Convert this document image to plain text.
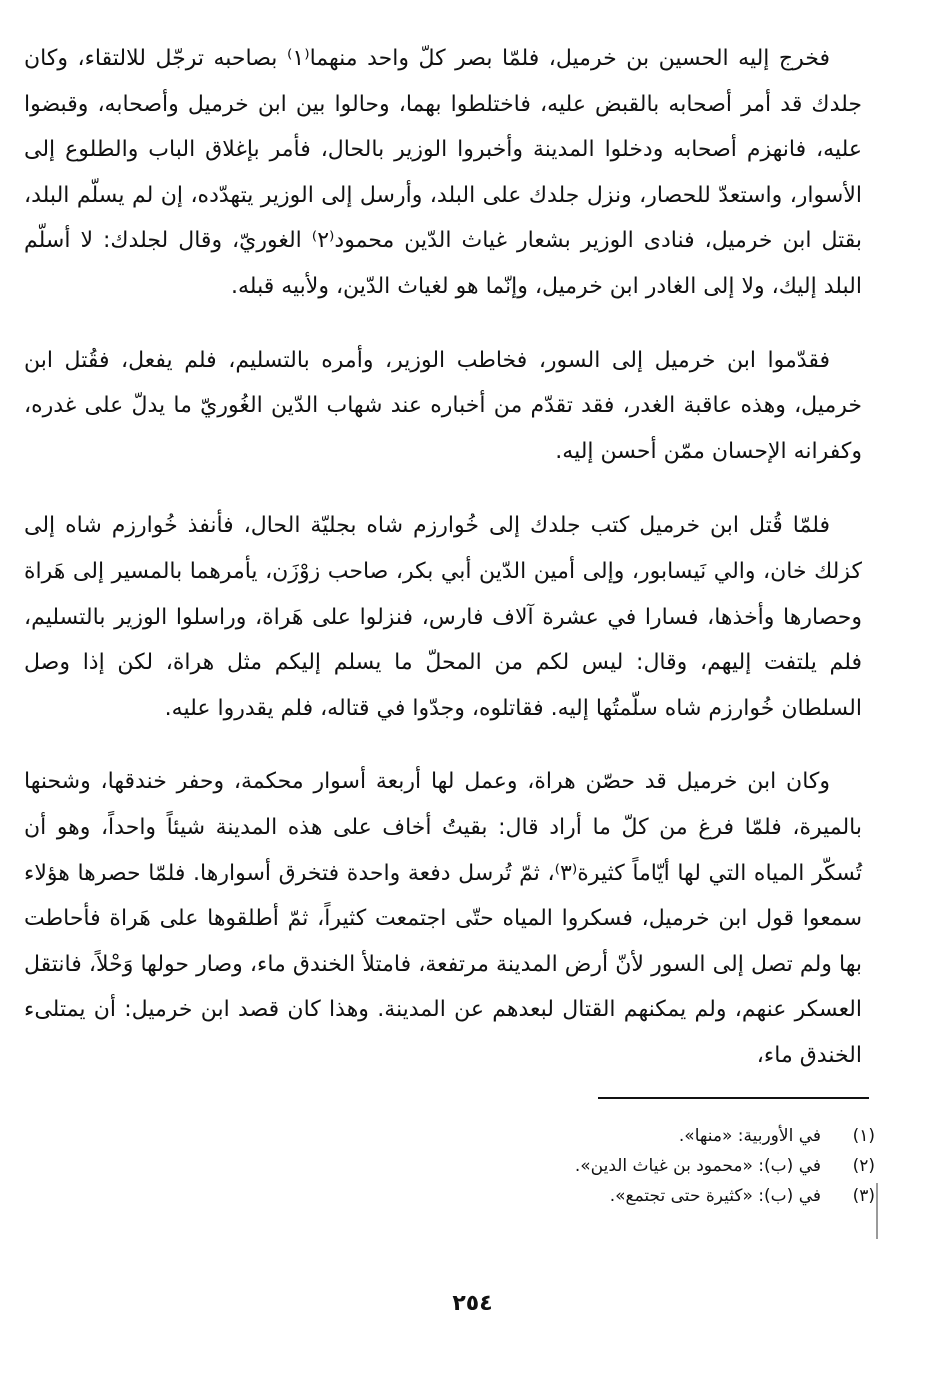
فخرج إليه الحسين بن خرميل، فلمّا بصر كلّ واحد منهما⁽١⁾ بصاحبه ترجّل للالتقاء، وكان جلدك قد أمر أصحابه بالقبض عليه، فاختلطوا بهما، وحالوا بين ابن خرميل وأصحابه، وقبضوا عليه، فانهزم أصحابه ودخلوا المدينة وأخبروا الوزير بالحال، فأمر بإغلاق الباب والطلوع إلى الأسوار، واستعدّ للحصار، ونزل جلدك على البلد، وأرسل إلى الوزير يتهدّده، إن لم يسلّم البلد، بقتل ابن خرميل، فنادى الوزير بشعار غياث الدّين محمود⁽٢⁾ الغوريّ، وقال لجلدك: لا أسلّم البلد إليك، ولا إلى الغادر ابن خرميل، وإنّما هو لغياث الدّين، ولأبيه قبله.

فقدّموا ابن خرميل إلى السور، فخاطب الوزير، وأمره بالتسليم، فلم يفعل، فقُتل ابن خرميل، وهذه عاقبة الغدر، فقد تقدّم من أخباره عند شهاب الدّين الغُوريّ ما يدلّ على غدره، وكفرانه الإحسان ممّن أحسن إليه.

فلمّا قُتل ابن خرميل كتب جلدك إلى خُوارزم شاه بجليّة الحال، فأنفذ خُوارزم شاه إلى كزلك خان، والي نَيسابور، وإلى أمين الدّين أبي بكر، صاحب زوْزَن، يأمرهما بالمسير إلى هَراة وحصارها وأخذها، فسارا في عشرة آلاف فارس، فنزلوا على هَراة، وراسلوا الوزير بالتسليم، فلم يلتفت إليهم، وقال: ليس لكم من المحلّ ما يسلم إليكم مثل هراة، لكن إذا وصل السلطان خُوارزم شاه سلّمتُها إليه. فقاتلوه، وجدّوا في قتاله، فلم يقدروا عليه.

وكان ابن خرميل قد حصّن هراة، وعمل لها أربعة أسوار محكمة، وحفر خندقها، وشحنها بالميرة، فلمّا فرغ من كلّ ما أراد قال: بقيتُ أخاف على هذه المدينة شيئاً واحداً، وهو أن تُسكّر المياه التي لها أيّاماً كثيرة⁽٣⁾، ثمّ تُرسل دفعة واحدة فتخرق أسوارها. فلمّا حصرها هؤلاء سمعوا قول ابن خرميل، فسكروا المياه حتّى اجتمعت كثيراً، ثمّ أطلقوها على هَراة فأحاطت بها ولم تصل إلى السور لأنّ أرض المدينة مرتفعة، فامتلأ الخندق ماء، وصار حولها وَحْلاً، فانتقل العسكر عنهم، ولم يمكنهم القتال لبعدهم عن المدينة. وهذا كان قصد ابن خرميل: أن يمتلىء الخندق ماء،

(١)
في الأوربية: «منها».
(٢)
في (ب): «محمود بن غياث الدين».
(٣)
في (ب): «كثيرة حتى تجتمع».
٢٥٤
